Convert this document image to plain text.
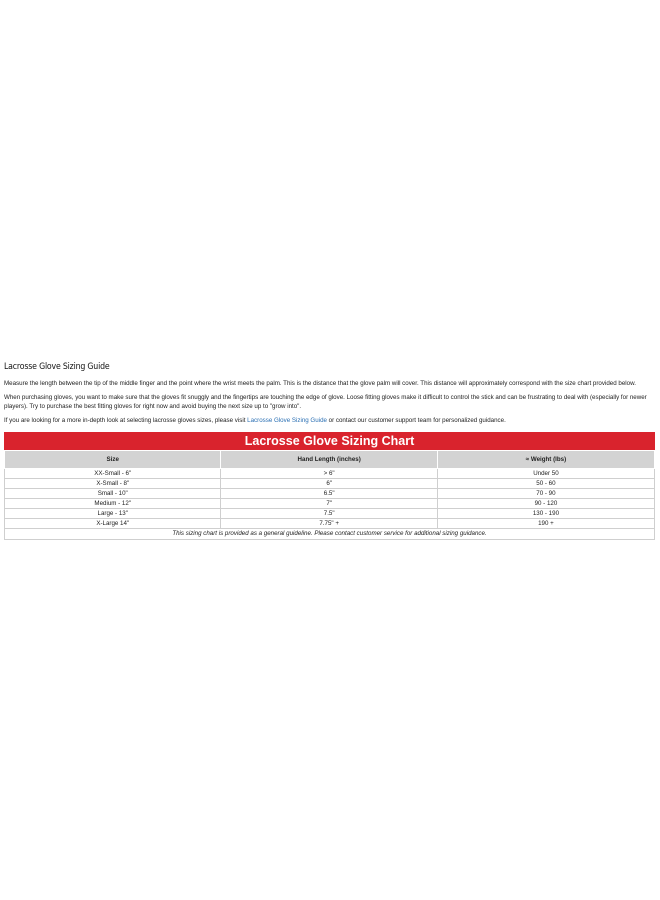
Lacrosse Glove Sizing Guide

Measure the length between the tip of the middle finger and the point where the wrist meets the palm. This is the distance that the glove palm will cover. This distance will approximately correspond with the size chart provided below.

When purchasing gloves, you want to make sure that the gloves fit snuggly and the fingertips are touching the edge of glove. Loose fitting gloves make it difficult to control the stick and can be frustrating to deal with (especially for newer players). Try to purchase the best fitting gloves for right now and avoid buying the next size up to "grow into".

If you are looking for a more in-depth look at selecting lacrosse gloves sizes, please visit Lacrosse Glove Sizing Guide or contact our customer support team for personalized guidance.

Lacrosse Glove Sizing Chart
Size	Hand Length (inches)	≈ Weight (lbs)
XX-Small - 6"	> 6"	Under 50
X-Small - 8"	6"	50 - 60
Small - 10"	6.5"	70 - 90
Medium - 12"	7"	90 - 120
Large - 13"	7.5"	130 - 190
X-Large 14"	7.75" +	190 +
This sizing chart is provided as a general guideline. Please contact customer service for additional sizing guidance.		
